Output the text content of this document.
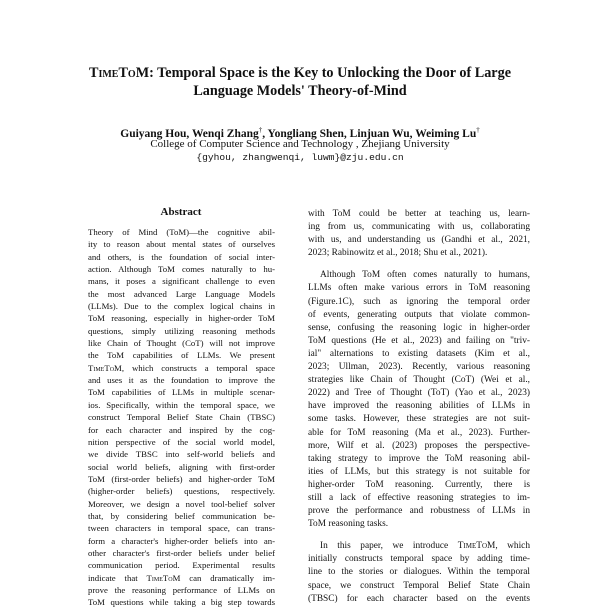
TimeToM: Temporal Space is the Key to Unlocking the Door of Large
Language Models' Theory-of-Mind
Guiyang Hou, Wenqi Zhang†, Yongliang Shen, Linjuan Wu, Weiming Lu†
College of Computer Science and Technology , Zhejiang University
{gyhou, zhangwenqi, luwm}@zju.edu.cn
Abstract
Theory of Mind (ToM)—the cognitive abil-
ity to reason about mental states of ourselves
and others, is the foundation of social inter-
action. Although ToM comes naturally to hu-
mans, it poses a significant challenge to even
the most advanced Large Language Models
(LLMs). Due to the complex logical chains in
ToM reasoning, especially in higher-order ToM
questions, simply utilizing reasoning methods
like Chain of Thought (CoT) will not improve
the ToM capabilities of LLMs. We present
TimeToM, which constructs a temporal space
and uses it as the foundation to improve the
ToM capabilities of LLMs in multiple scenar-
ios. Specifically, within the temporal space, we
construct Temporal Belief State Chain (TBSC)
for each character and inspired by the cog-
nition perspective of the social world model,
we divide TBSC into self-world beliefs and
social world beliefs, aligning with first-order
ToM (first-order beliefs) and higher-order ToM
(higher-order beliefs) questions, respectively.
Moreover, we design a novel tool-belief solver
that, by considering belief communication be-
tween characters in temporal space, can trans-
form a character's higher-order beliefs into an-
other character's first-order beliefs under belief
communication period. Experimental results
indicate that TimeToM can dramatically im-
prove the reasoning performance of LLMs on
ToM questions while taking a big step towards
with ToM could be better at teaching us, learn-
ing from us, communicating with us, collaborating
with us, and understanding us (Gandhi et al., 2021,
2023; Rabinowitz et al., 2018; Shu et al., 2021).
Although ToM often comes naturally to humans,
LLMs often make various errors in ToM reasoning
(Figure.1C), such as ignoring the temporal order
of events, generating outputs that violate common-
sense, confusing the reasoning logic in higher-order
ToM questions (He et al., 2023) and failing on "triv-
ial" alternations to existing datasets (Kim et al.,
2023; Ullman, 2023). Recently, various reasoning
strategies like Chain of Thought (CoT) (Wei et al.,
2022) and Tree of Thought (ToT) (Yao et al., 2023)
have improved the reasoning abilities of LLMs in
some tasks. However, these strategies are not suit-
able for ToM reasoning (Ma et al., 2023). Further-
more, Wilf et al. (2023) proposes the perspective-
taking strategy to improve the ToM reasoning abil-
ities of LLMs, but this strategy is not suitable for
higher-order ToM reasoning. Currently, there is
still a lack of effective reasoning strategies to im-
prove the performance and robustness of LLMs in
ToM reasoning tasks.
In this paper, we introduce TimeToM, which
initially constructs temporal space by adding time-
line to the stories or dialogues. Within the temporal
space, we construct Temporal Belief State Chain
(TBSC) for each character based on the events
